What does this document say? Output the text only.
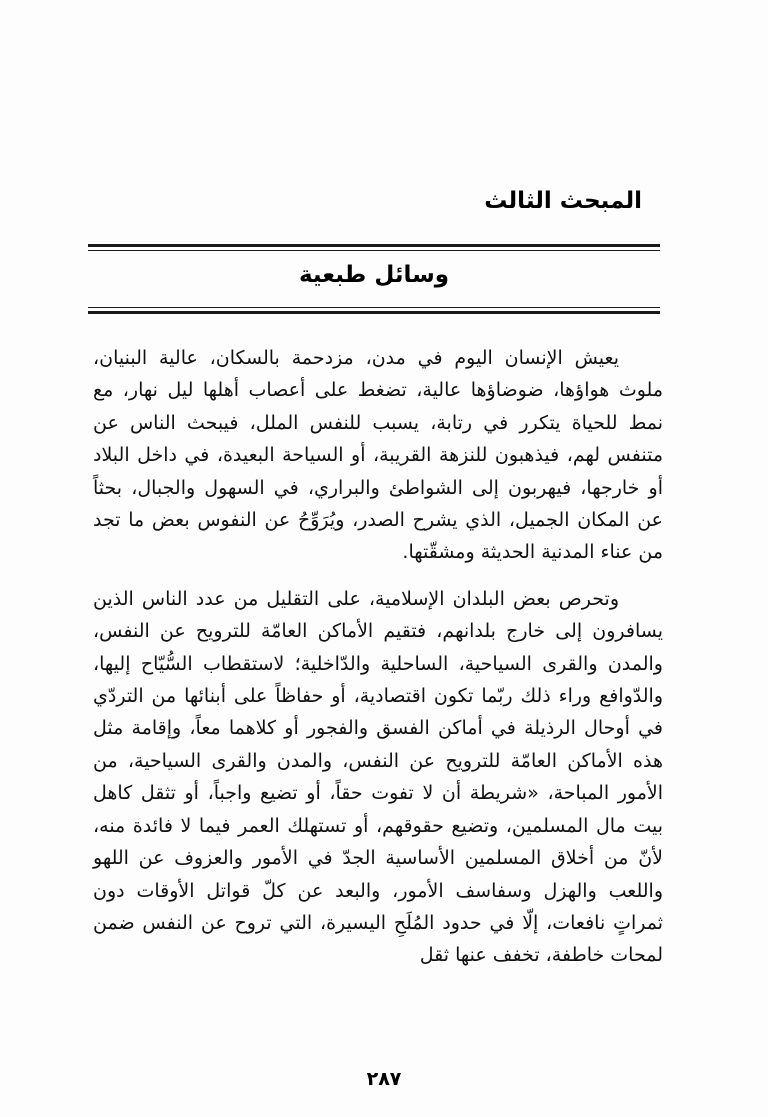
المبحث الثالث
وسائل طبعية

يعيش الإنسان اليوم في مدن، مزدحمة بالسكان، عالية البنيان، ملوث هواؤها، ضوضاؤها عالية، تضغط على أعصاب أهلها ليل نهار، مع نمط للحياة يتكرر في رتابة، يسبب للنفس الملل، فيبحث الناس عن متنفس لهم، فيذهبون للنزهة القريبة، أو السياحة البعيدة، في داخل البلاد أو خارجها، فيهربون إلى الشواطئ والبراري، في السهول والجبال، بحثاً عن المكان الجميل، الذي يشرح الصدر، ويُرَوِّحُ عن النفوس بعض ما تجد من عناء المدنية الحديثة ومشقّتها.

وتحرص بعض البلدان الإسلامية، على التقليل من عدد الناس الذين يسافرون إلى خارج بلدانهم، فتقيم الأماكن العامّة للترويح عن النفس، والمدن والقرى السياحية، الساحلية والدّاخلية؛ لاستقطاب السُّيّاح إليها، والدّوافع وراء ذلك ربّما تكون اقتصادية، أو حفاظاً على أبنائها من التردّي في أوحال الرذيلة في أماكن الفسق والفجور أو كلاهما معاً، وإقامة مثل هذه الأماكن العامّة للترويح عن النفس، والمدن والقرى السياحية، من الأمور المباحة، «شريطة أن لا تفوت حقاً، أو تضيع واجباً، أو تثقل كاهل بيت مال المسلمين، وتضيع حقوقهم، أو تستهلك العمر فيما لا فائدة منه، لأنّ من أخلاق المسلمين الأساسية الجدّ في الأمور والعزوف عن اللهو واللعب والهزل وسفاسف الأمور، والبعد عن كلّ قواتل الأوقات دون ثمراتٍ نافعات، إلّا في حدود المُلَحِ اليسيرة، التي تروح عن النفس ضمن لمحات خاطفة، تخفف عنها ثقل

٢٨٧
